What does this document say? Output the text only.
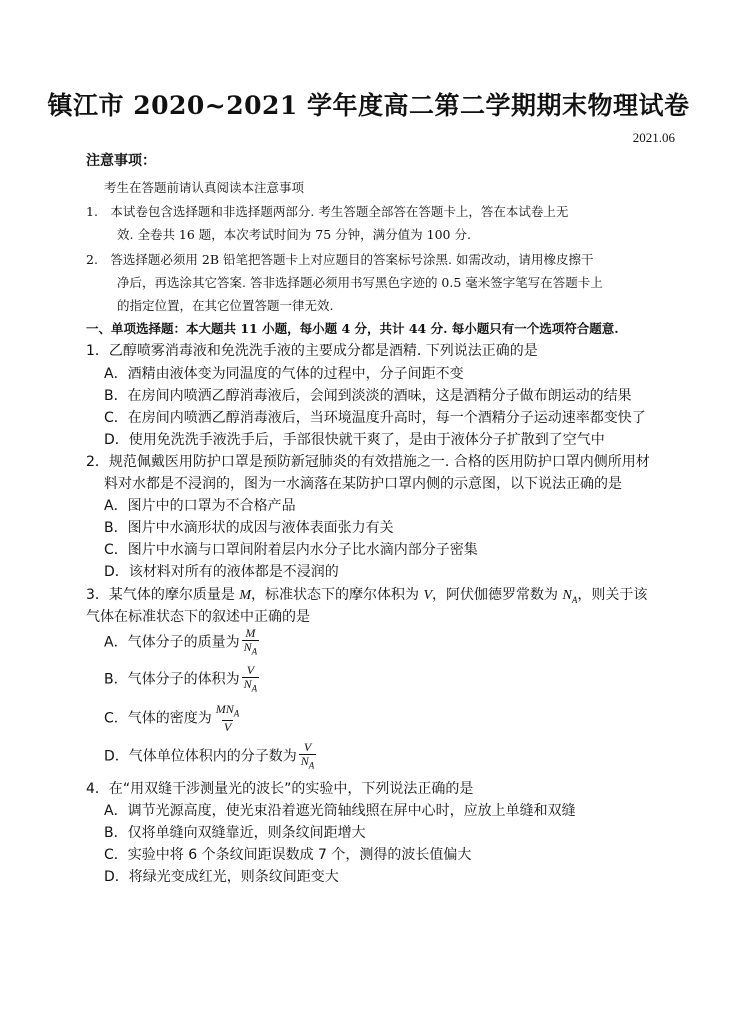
镇江市 2020~2021 学年度高二第二学期期末物理试卷
2021.06
注意事项：
考生在答题前请认真阅读本注意事项
1.　本试卷包含选择题和非选择题两部分. 考生答题全部答在答题卡上，答在本试卷上无
效. 全卷共 16 题，本次考试时间为 75 分钟，满分值为 100 分.
2.　答选择题必须用 2B 铅笔把答题卡上对应题目的答案标号涂黑. 如需改动，请用橡皮擦干
净后，再选涂其它答案. 答非选择题必须用书写黑色字迹的 0.5 毫米签字笔写在答题卡上
的指定位置，在其它位置答题一律无效.
一、单项选择题：本大题共 11 小题，每小题 4 分，共计 44 分. 每小题只有一个选项符合题意.
1．乙醇喷雾消毒液和免洗洗手液的主要成分都是酒精. 下列说法正确的是
A．酒精由液体变为同温度的气体的过程中，分子间距不变
B．在房间内喷洒乙醇消毒液后，会闻到淡淡的酒味，这是酒精分子做布朗运动的结果
C．在房间内喷洒乙醇消毒液后，当环境温度升高时，每一个酒精分子运动速率都变快了
D．使用免洗洗手液洗手后，手部很快就干爽了，是由于液体分子扩散到了空气中
2．规范佩戴医用防护口罩是预防新冠肺炎的有效措施之一. 合格的医用防护口罩内侧所用材
料对水都是不浸润的，图为一水滴落在某防护口罩内侧的示意图，以下说法正确的是
A．图片中的口罩为不合格产品
B．图片中水滴形状的成因与液体表面张力有关
C．图片中水滴与口罩间附着层内水分子比水滴内部分子密集
D．该材料对所有的液体都是不浸润的
3．某气体的摩尔质量是 M，标准状态下的摩尔体积为 V，阿伏伽德罗常数为 $N_A$，则关于该
气体在标准状态下的叙述中正确的是
A．气体分子的质量为 $\frac{M}{N_A}$
B．气体分子的体积为 $\frac{V}{N_A}$
C．气体的密度为 $\frac{MN_A}{V}$
D．气体单位体积内的分子数为 $\frac{V}{N_A}$
4．在“用双缝干涉测量光的波长”的实验中，下列说法正确的是
A．调节光源高度，使光束沿着遮光筒轴线照在屏中心时，应放上单缝和双缝
B．仅将单缝向双缝靠近，则条纹间距增大
C．实验中将 6 个条纹间距误数成 7 个，测得的波长值偏大
D．将绿光变成红光，则条纹间距变大
